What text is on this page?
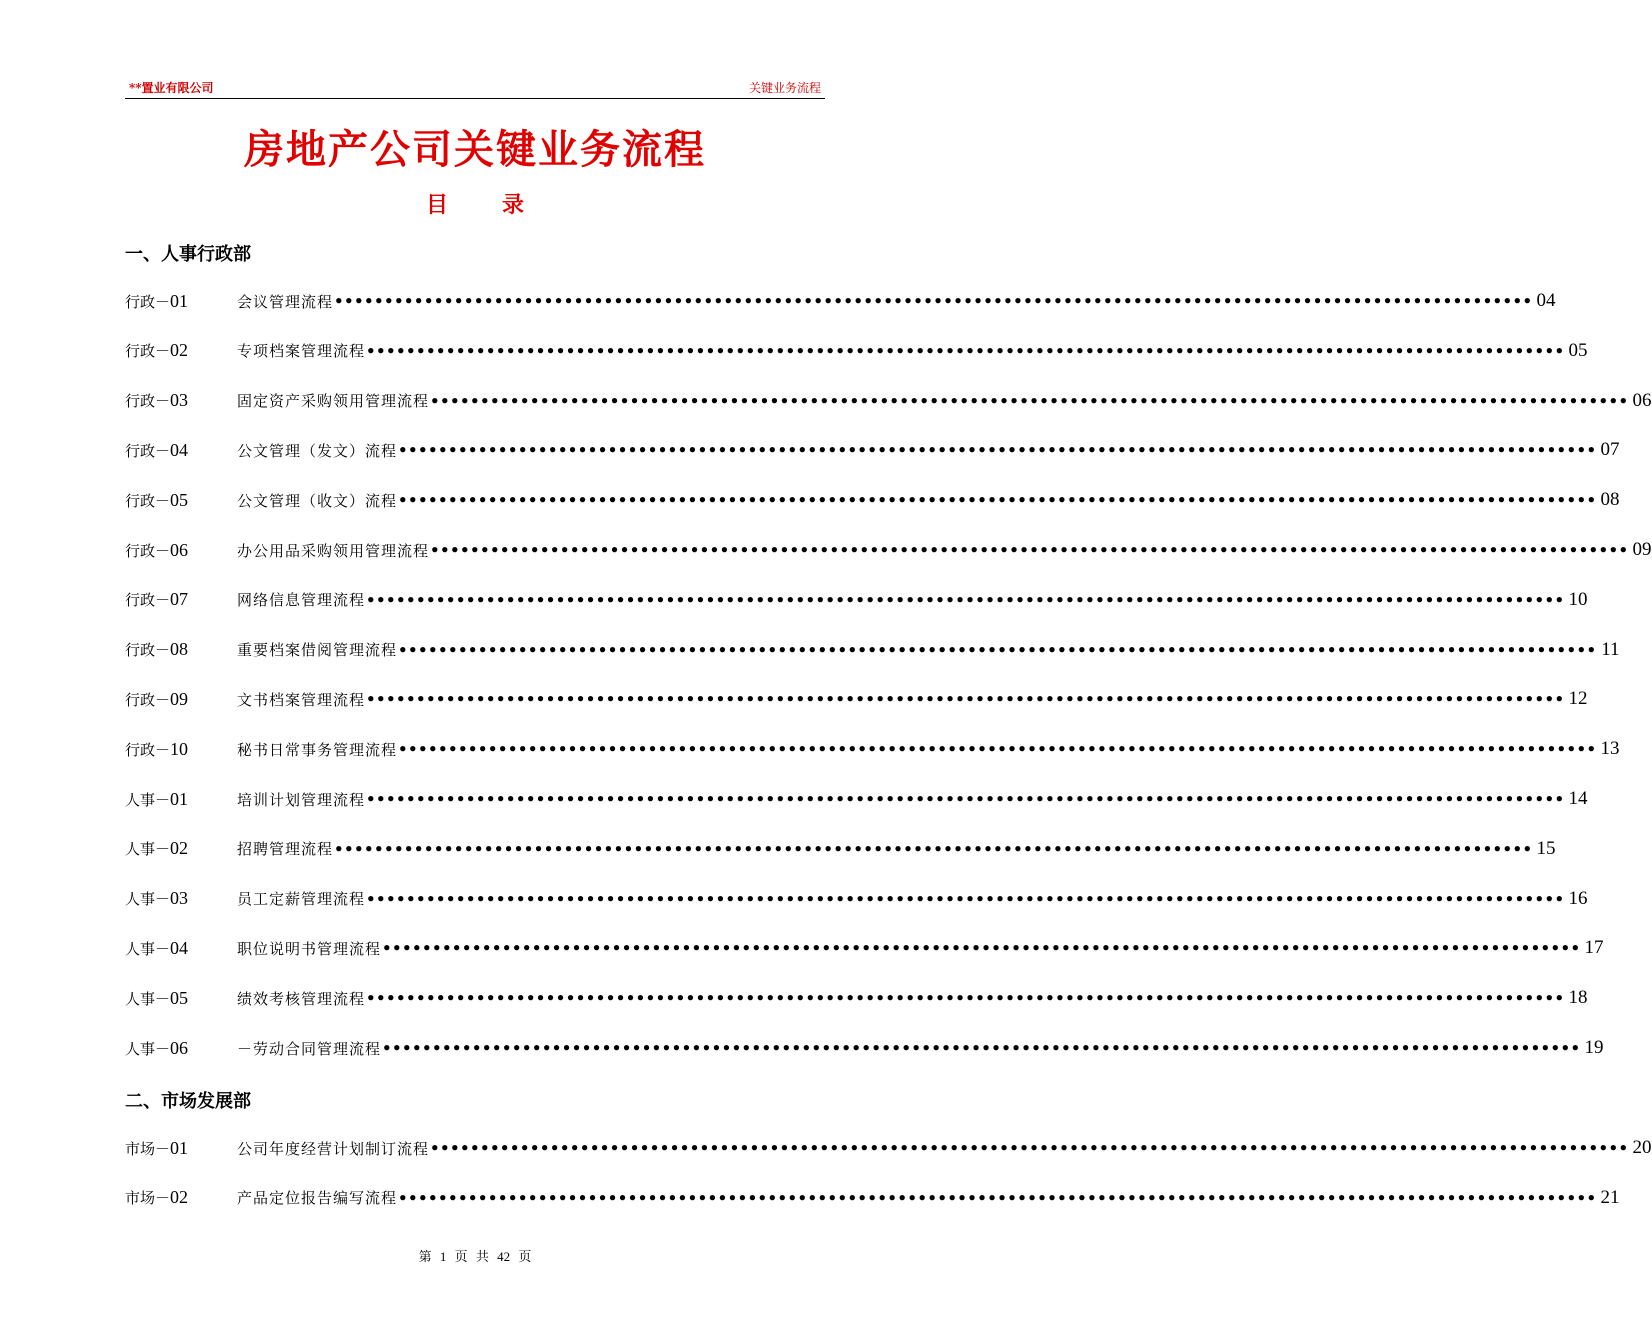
**置业有限公司	关键业务流程
房地产公司关键业务流程
目录
一、人事行政部
行政－01	会议管理流程 •••••••••••••••••••••••••••••••••••••••••••••••••••••••••••••••••••••••••••••••••••••••••••••••••••••••••••••••••••••••• 04
行政－02	专项档案管理流程 •••••••••••••••••••••••••••••••••••••••••••••••••••••••••••••••••••••••••••••••••••••••••••••••••••••••••••••••••••••••• 05
行政－03	固定资产采购领用管理流程 •••••••••••••••••••••••••••••••••••••••••••••••••••••••••••••••••••••••••••••••••••••••••••••••••••••••••••••••••••••••• 06
行政－04	公文管理（发文）流程 •••••••••••••••••••••••••••••••••••••••••••••••••••••••••••••••••••••••••••••••••••••••••••••••••••••••••••••••••••••••• 07
行政－05	公文管理（收文）流程 •••••••••••••••••••••••••••••••••••••••••••••••••••••••••••••••••••••••••••••••••••••••••••••••••••••••••••••••••••••••• 08
行政－06	办公用品采购领用管理流程 •••••••••••••••••••••••••••••••••••••••••••••••••••••••••••••••••••••••••••••••••••••••••••••••••••••••••••••••••••••••• 09
行政－07	网络信息管理流程 •••••••••••••••••••••••••••••••••••••••••••••••••••••••••••••••••••••••••••••••••••••••••••••••••••••••••••••••••••••••• 10
行政－08	重要档案借阅管理流程 •••••••••••••••••••••••••••••••••••••••••••••••••••••••••••••••••••••••••••••••••••••••••••••••••••••••••••••••••••••••• 11
行政－09	文书档案管理流程 •••••••••••••••••••••••••••••••••••••••••••••••••••••••••••••••••••••••••••••••••••••••••••••••••••••••••••••••••••••••• 12
行政－10	秘书日常事务管理流程 •••••••••••••••••••••••••••••••••••••••••••••••••••••••••••••••••••••••••••••••••••••••••••••••••••••••••••••••••••••••• 13
人事－01	培训计划管理流程 •••••••••••••••••••••••••••••••••••••••••••••••••••••••••••••••••••••••••••••••••••••••••••••••••••••••••••••••••••••••• 14
人事－02	招聘管理流程 •••••••••••••••••••••••••••••••••••••••••••••••••••••••••••••••••••••••••••••••••••••••••••••••••••••••••••••••••••••••• 15
人事－03	员工定薪管理流程 •••••••••••••••••••••••••••••••••••••••••••••••••••••••••••••••••••••••••••••••••••••••••••••••••••••••••••••••••••••••• 16
人事－04	职位说明书管理流程 •••••••••••••••••••••••••••••••••••••••••••••••••••••••••••••••••••••••••••••••••••••••••••••••••••••••••••••••••••••••• 17
人事－05	绩效考核管理流程 •••••••••••••••••••••••••••••••••••••••••••••••••••••••••••••••••••••••••••••••••••••••••••••••••••••••••••••••••••••••• 18
人事－06	－劳动合同管理流程 •••••••••••••••••••••••••••••••••••••••••••••••••••••••••••••••••••••••••••••••••••••••••••••••••••••••••••••••••••••••• 19
二、市场发展部
市场－01	公司年度经营计划制订流程 •••••••••••••••••••••••••••••••••••••••••••••••••••••••••••••••••••••••••••••••••••••••••••••••••••••••••••••••••••••••• 20
市场－02	产品定位报告编写流程 •••••••••••••••••••••••••••••••••••••••••••••••••••••••••••••••••••••••••••••••••••••••••••••••••••••••••••••••••••••••• 21
第 1 页 共 42 页
